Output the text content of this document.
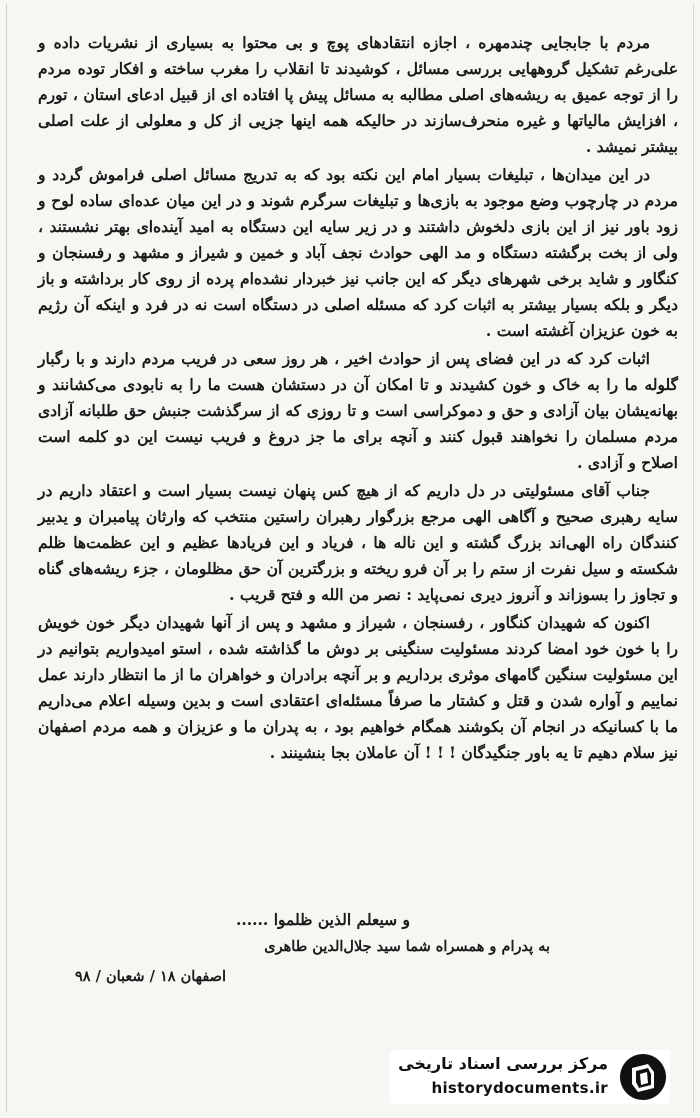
مردم با جابجایی چندمهره ، اجازه انتقادهای پوچ و بی محتوا به بسیاری از نشریات داده و علی‌رغم تشکیل گروههایی بررسی مسائل ، کوشیدند تا انقلاب را مغرب ساخته و افکار توده مردم را از توجه عمیق به ریشه‌های اصلی مطالبه به مسائل پیش پا افتاده ای از قبیل ادعای استان ، تورم ، افزایش مالیاتها و غیره منحرف‌سازند در حالیکه همه اینها جزیی از کل و معلولی از علت اصلی بیشتر نمیشد .

در این میدان‌ها ، تبلیغات بسیار امام این نکته بود که به تدریج مسائل اصلی فراموش گردد و مردم در چارچوب وضع موجود به بازی‌ها و تبلیغات سرگرم شوند و در این میان عده‌ای ساده لوح و زود باور نیز از این بازی دلخوش داشتند و در زیر سایه این دستگاه به امید آینده‌ای بهتر نشستند ، ولی از بخت برگشته دستگاه و مد الهی حوادث نجف آباد و خمین و شیراز و مشهد و رفسنجان و کنگاور و شاید برخی شهرهای دیگر که این جانب نیز خبردار نشده‌ام پرده از روی کار برداشته و باز دیگر و بلکه بسیار بیشتر به اثبات کرد که مسئله اصلی در دستگاه است نه در فرد و اینکه آن رژیم به خون عزیزان آغشته است .

اثبات کرد که در این فضای پس از حوادث اخیر ، هر روز سعی در فریب مردم دارند و با رگبار گلوله ما را به خاک و خون کشیدند و تا امکان آن در دستشان هست ما را به نابودی می‌کشانند و بهانه‌یشان بیان آزادی و حق و دموکراسی است و تا روزی که از سرگذشت جنبش حق طلبانه آزادی مردم مسلمان را نخواهند قبول کنند و آنچه برای ما جز دروغ و فریب نیست این دو کلمه است اصلاح و آزادی .

جناب آقای مسئولیتی در دل داریم که از هیچ کس پنهان نیست بسیار است و اعتقاد داریم در سایه رهبری صحیح و آگاهی الهی مرجع بزرگوار رهبران راستین منتخب که وارثان پیامبران و یدبیر کنندگان راه الهی‌اند بزرگ گشته و این ناله ها ، فریاد و این فریادها عظیم و این عظمت‌ها ظلم شکسته و سیل نفرت از ستم را بر آن فرو ریخته و بزرگترین آن حق مظلومان ، جزء ریشه‌های گناه و تجاوز را بسوزاند و آنروز دیری نمی‌پاید : نصر من الله و فتح قریب .

اکنون که شهیدان کنگاور ، رفسنجان ، شیراز و مشهد و پس از آنها شهیدان دیگر خون خویش را با خون خود امضا کردند مسئولیت سنگینی بر دوش ما گذاشته شده ، استو امیدواریم بتوانیم در این مسئولیت سنگین گامهای موثری برداریم و بر آنچه برادران و خواهران ما از ما انتظار دارند عمل نماییم و آواره شدن و قتل و کشتار ما صرفاً مسئله‌ای اعتقادی است و بدین وسیله اعلام می‌داریم ما با کسانیکه در انجام آن بکوشند همگام خواهیم بود ، به پدران ما و عزیزان و همه مردم اصفهان نیز سلام دهیم تا یه باور جنگیدگان ! ! ! آن عاملان بجا بنشینند .

و سیعلم الذین ظلموا ......
به پدرام و همسراه شما سید جلال‌الدین طاهری
اصفهان ۱۸ / شعبان / ۹۸
مرکز بررسی اسناد تاریخی
historydocuments.ir
